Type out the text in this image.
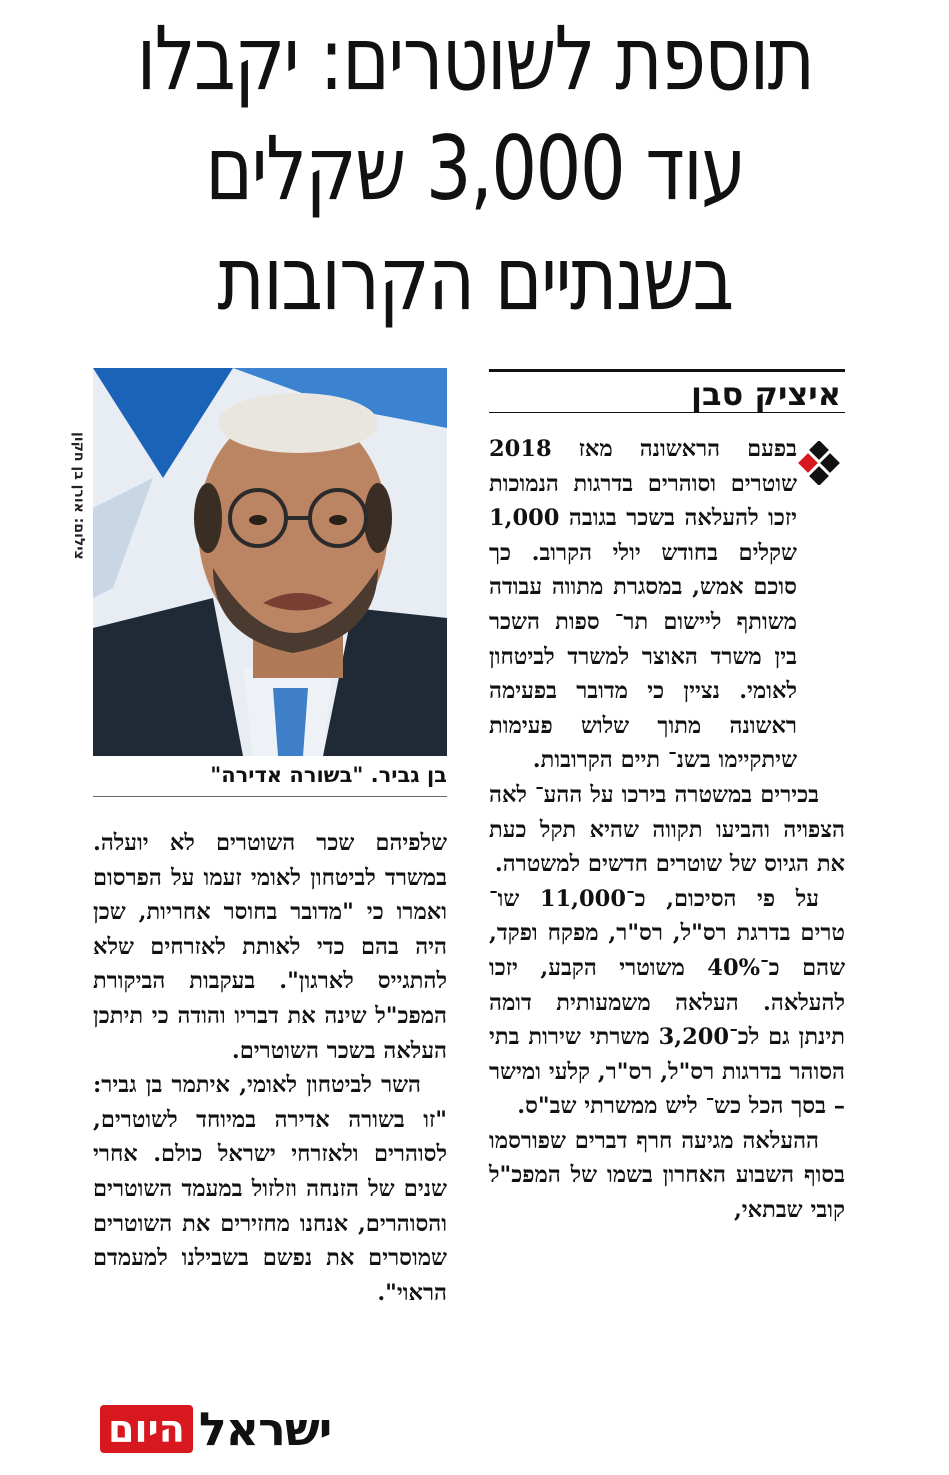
תוספת לשוטרים: יקבלו
עוד 3,000 שקלים
בשנתיים הקרובות
איציק סבן

בפעם הראשונה מאז 2018 שוטרים וסוהרים בדרגות הנמוכות יזכו להעלאה בשכר בגובה 1,000 שקלים בחודש יולי הקרוב. כך סוכם אמש, במסגרת מתווה עבודה משותף ליישום תר־ ספות השכר בין משרד האוצר למשרד לביטחון לאומי. נציין כי מדובר בפעימה ראשונה מתוך שלוש פעימות שיתקיימו בשנ־ תיים הקרובות.

בכירים במשטרה בירכו על ההע־ לאה הצפויה והביעו תקווה שהיא תקל כעת את הגיוס של שוטרים חדשים למשטרה.

על פי הסיכום, כ־11,000 שו־ טרים בדרגת רס"ל, רס"ר, מפקח ופקד, שהם כ־40% משוטרי הקבע, יזכו להעלאה. העלאה משמעותית דומה תינתן גם לכ־3,200 משרתי שירות בתי הסוהר בדרגות רס"ל, רס"ר, קלעי ומישר – בסך הכל כש־ ליש ממשרתי שב"ס.

ההעלאה מגיעה חרף דברים שפורסמו בסוף השבוע האחרון בשמו של המפכ"ל קובי שבתאי,

צילום: אורן בן חקון
בן גביר. "בשורה אדירה"

שלפיהם שכר השוטרים לא יועלה. במשרד לביטחון לאומי זעמו על הפרסום ואמרו כי "מדובר בחוסר אחריות, שכן היה בהם כדי לאותת לאזרחים שלא להתגייס לארגון". בעקבות הביקורת המפכ"ל שינה את דבריו והודה כי תיתכן העלאה בשכר השוטרים.

השר לביטחון לאומי, איתמר בן גביר: "זו בשורה אדירה במיוחד לשוטרים, לסוהרים ולאזרחי ישראל כולם. אחרי שנים של הזנחה וזלזול במעמד השוטרים והסוהרים, אנחנו מחזירים את השוטרים שמוסרים את נפשם בשבילנו למעמדם הראוי".

היום ישראל
